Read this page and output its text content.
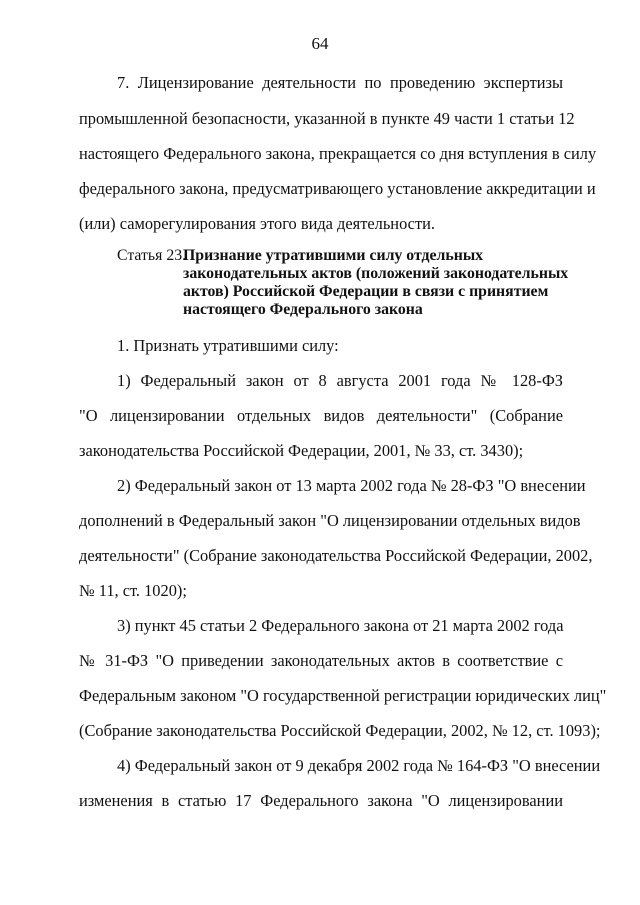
64
7. Лицензирование деятельности по проведению экспертизы
промышленной безопасности, указанной в пункте 49 части 1 статьи 12
настоящего Федерального закона, прекращается со дня вступления в силу
федерального закона, предусматривающего установление аккредитации и
(или) саморегулирования этого вида деятельности.
Статья 23.
Признание утратившими силу отдельных
законодательных актов (положений законодательных
актов) Российской Федерации в связи с принятием
настоящего Федерального закона
1. Признать утратившими силу:
1) Федеральный закон от 8 августа 2001 года № 128-ФЗ
"О лицензировании отдельных видов деятельности" (Собрание
законодательства Российской Федерации, 2001, № 33, ст. 3430);
2) Федеральный закон от 13 марта 2002 года № 28-ФЗ "О внесении
дополнений в Федеральный закон "О лицензировании отдельных видов
деятельности" (Собрание законодательства Российской Федерации, 2002,
№ 11, ст. 1020);
3) пункт 45 статьи 2 Федерального закона от 21 марта 2002 года
№ 31-ФЗ "О приведении законодательных актов в соответствие с
Федеральным законом "О государственной регистрации юридических лиц"
(Собрание законодательства Российской Федерации, 2002, № 12, ст. 1093);
4) Федеральный закон от 9 декабря 2002 года № 164-ФЗ "О внесении
изменения в статью 17 Федерального закона "О лицензировании
